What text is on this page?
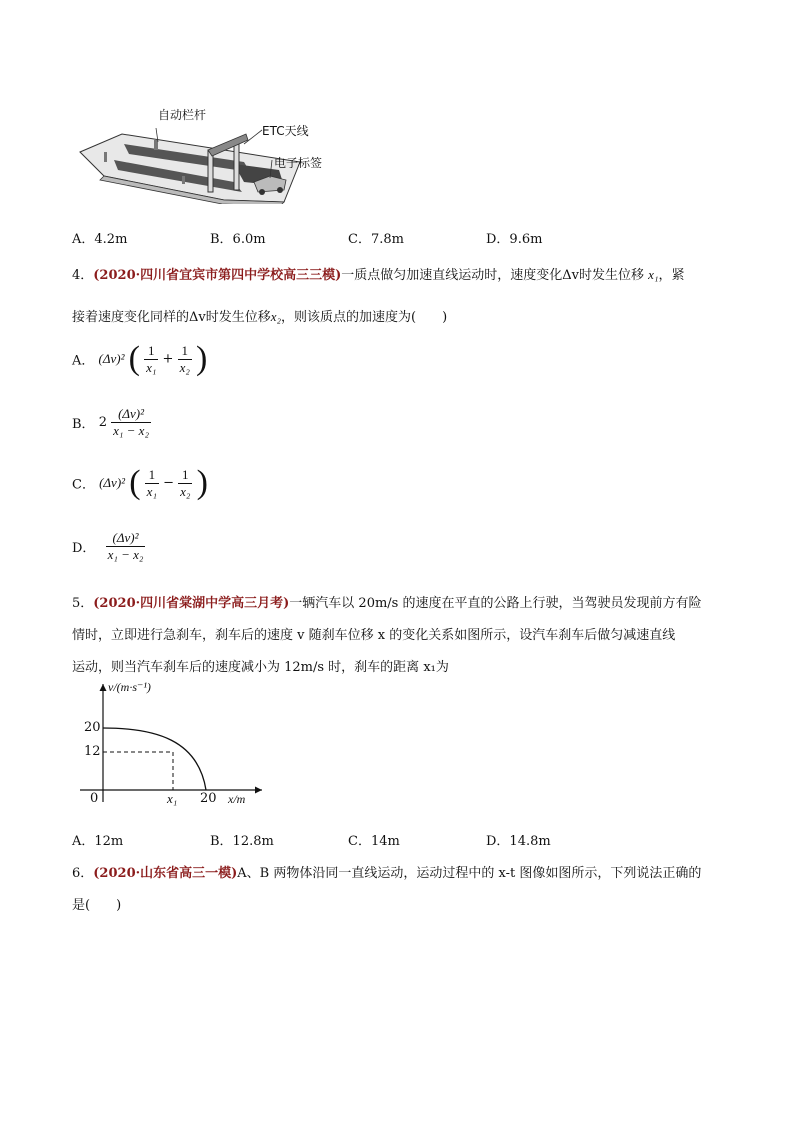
自动栏杆
ETC天线
电子标签
A．4.2m	B．6.0m	C．7.8m	D．9.6m
4．(2020·四川省宜宾市第四中学校高三三模)一质点做匀加速直线运动时，速度变化Δv时发生位移 x₁，紧
接着速度变化同样的Δv时发生位移x₂，则该质点的加速度为(　　)
A． (Δv)² ( $\frac{1}{\text{x₁}} + \frac{1}{\text{x₂}}$ )
B． $2 \frac{\text{(Δv)²}}{\text{x₁ − x₂}}$
C． (Δv)² ( $\frac{1}{\text{x₁}} - \frac{1}{\text{x₂}}$ )
D． $\frac{\text{(Δv)²}}{\text{x₁ − x₂}}$
5．(2020·四川省棠湖中学高三月考)一辆汽车以 20m/s 的速度在平直的公路上行驶，当驾驶员发现前方有险
情时，立即进行急刹车，刹车后的速度 v 随刹车位移 x 的变化关系如图所示，设汽车刹车后做匀减速直线
运动，则当汽车刹车后的速度减小为 12m/s 时，刹车的距离 x₁为
v/(m·s⁻¹)
20
12
0	x₁ 20 x/m
A．12m	B．12.8m	C．14m	D．14.8m
6．(2020·山东省高三一模)A、B 两物体沿同一直线运动，运动过程中的 x-t 图像如图所示，下列说法正确的
是(　　)
